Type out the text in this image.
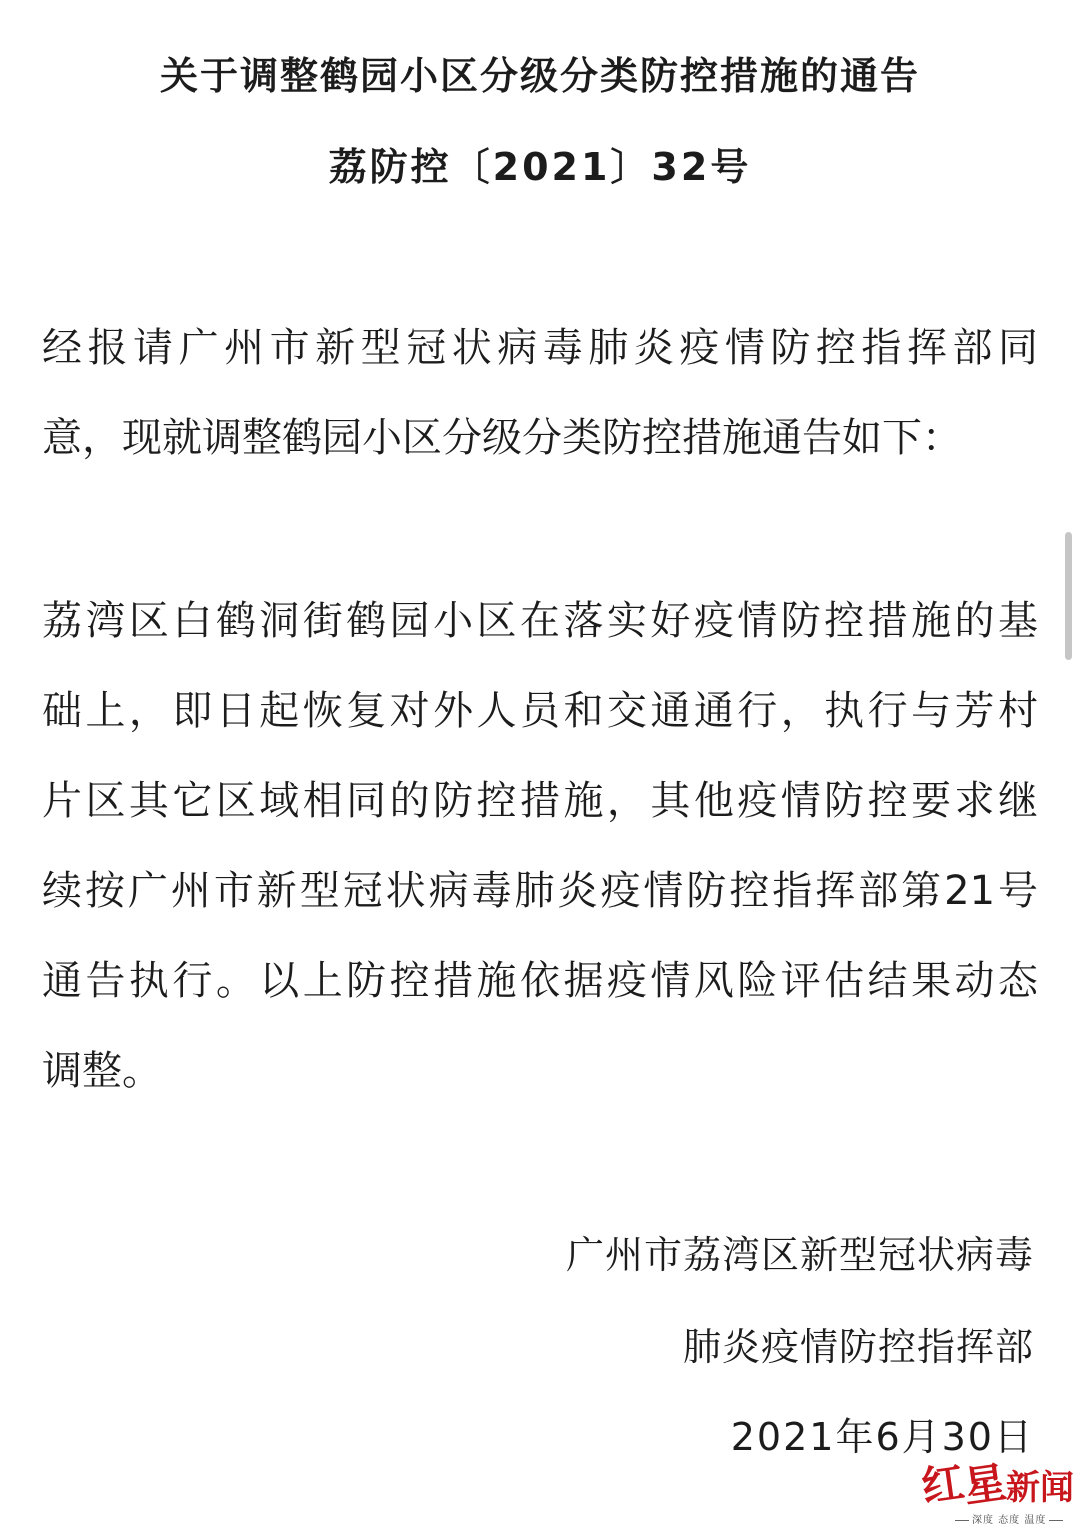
关于调整鹤园小区分级分类防控措施的通告
荔防控〔2021〕32号
经报请广州市新型冠状病毒肺炎疫情防控指挥部同
意，现就调整鹤园小区分级分类防控措施通告如下：
荔湾区白鹤洞街鹤园小区在落实好疫情防控措施的基
础上，即日起恢复对外人员和交通通行，执行与芳村
片区其它区域相同的防控措施，其他疫情防控要求继
续按广州市新型冠状病毒肺炎疫情防控指挥部第21号
通告执行。以上防控措施依据疫情风险评估结果动态
调整。
广州市荔湾区新型冠状病毒
肺炎疫情防控指挥部
2021年6月30日
红星新闻
深度 态度 温度
